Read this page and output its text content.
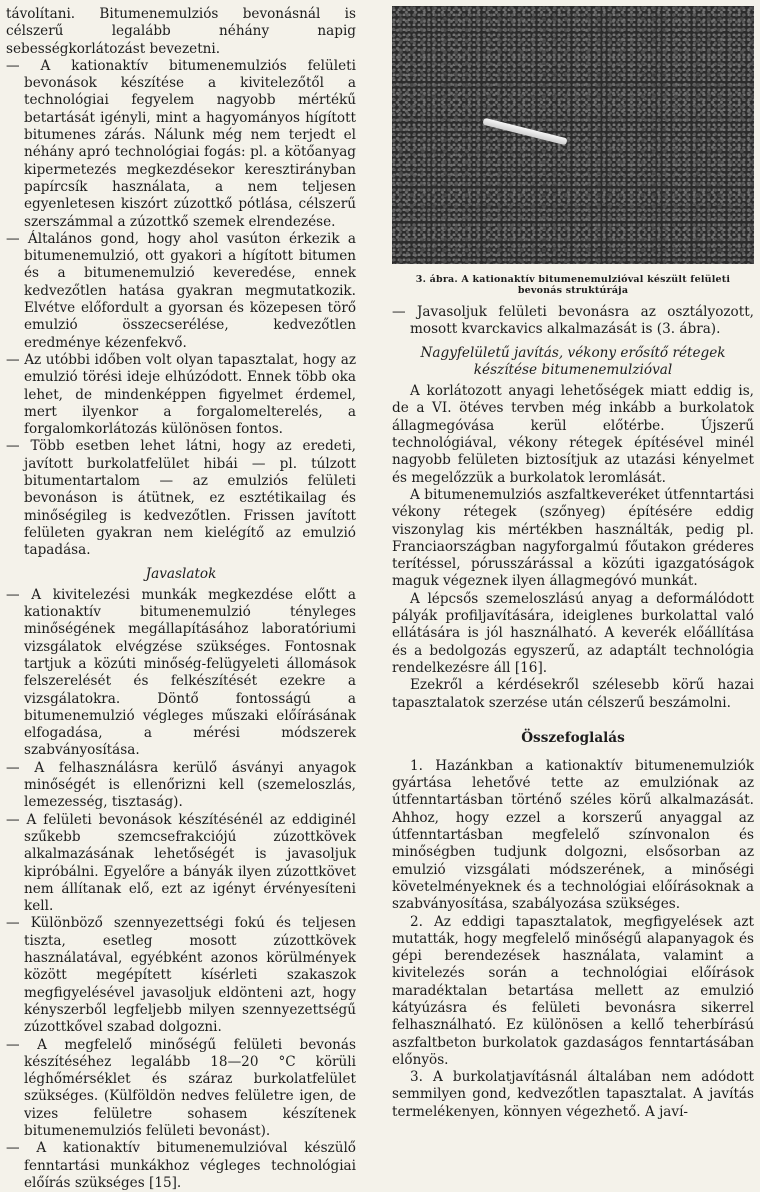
távolítani. Bitumenemulziós bevonásnál is célszerű legalább néhány napig sebességkorlátozást bevezetni.

— A kationaktív bitumenemulziós felületi bevonások készítése a kivitelezőtől a technológiai fegyelem nagyobb mértékű betartását igényli, mint a hagyományos hígított bitumenes zárás. Nálunk még nem terjedt el néhány apró technológiai fogás: pl. a kötőanyag kipermetezés megkezdésekor keresztirányban papírcsík használata, a nem teljesen egyenletesen kiszórt zúzottkő pótlása, célszerű szerszámmal a zúzottkő szemek elrendezése.

— Általános gond, hogy ahol vasúton érkezik a bitumenemulzió, ott gyakori a hígított bitumen és a bitumenemulzió keveredése, ennek kedvezőtlen hatása gyakran megmutatkozik. Elvétve előfordult a gyorsan és közepesen törő emulzió összecserélése, kedvezőtlen eredménye kézenfekvő.

— Az utóbbi időben volt olyan tapasztalat, hogy az emulzió törési ideje elhúzódott. Ennek több oka lehet, de mindenképpen figyelmet érdemel, mert ilyenkor a forgalomelterelés, a forgalomkorlátozás különösen fontos.

— Több esetben lehet látni, hogy az eredeti, javított burkolatfelület hibái — pl. túlzott bitumentartalom — az emulziós felületi bevonáson is átütnek, ez esztétikailag és minőségileg is kedvezőtlen. Frissen javított felületen gyakran nem kielégítő az emulzió tapadása.

Javaslatok

— A kivitelezési munkák megkezdése előtt a kationaktív bitumenemulzió tényleges minőségének megállapításához laboratóriumi vizsgálatok elvégzése szükséges. Fontosnak tartjuk a közúti minőség-felügyeleti állomások felszerelését és felkészítését ezekre a vizsgálatokra. Döntő fontosságú a bitumenemulzió végleges műszaki előírásának elfogadása, a mérési módszerek szabványosítása.

— A felhasználásra kerülő ásványi anyagok minőségét is ellenőrizni kell (szemeloszlás, lemezesség, tisztaság).

— A felületi bevonások készítésénél az eddiginél szűkebb szemcsefrakciójú zúzottkövek alkalmazásának lehetőségét is javasoljuk kipróbálni. Egyelőre a bányák ilyen zúzottkövet nem állítanak elő, ezt az igényt érvényesíteni kell.

— Különböző szennyezettségi fokú és teljesen tiszta, esetleg mosott zúzottkövek használatával, egyébként azonos körülmények között megépített kísérleti szakaszok megfigyelésével javasoljuk eldönteni azt, hogy kényszerből legfeljebb milyen szennyezettségű zúzottkővel szabad dolgozni.

— A megfelelő minőségű felületi bevonás készítéséhez legalább 18—20 °C körüli léghőmérséklet és száraz burkolatfelület szükséges. (Külföldön nedves felületre igen, de vizes felületre sohasem készítenek bitumenemulziós felületi bevonást).

— A kationaktív bitumenemulzióval készülő fenntartási munkákhoz végleges technológiai előírás szükséges [15].

3. ábra. A kationaktív bitumenemulzióval készült felületi bevonás struktúrája

— Javasoljuk felületi bevonásra az osztályozott, mosott kvarckavics alkalmazását is (3. ábra).

Nagyfelületű javítás, vékony erősítő rétegek készítése bitumenemulzióval

A korlátozott anyagi lehetőségek miatt eddig is, de a VI. ötéves tervben még inkább a burkolatok állagmegóvása kerül előtérbe. Újszerű technológiával, vékony rétegek építésével minél nagyobb felületen biztosítjuk az utazási kényelmet és megelőzzük a burkolatok leromlását.

A bitumenemulziós aszfaltkeveréket útfenntartási vékony rétegek (szőnyeg) építésére eddig viszonylag kis mértékben használták, pedig pl. Franciaországban nagyforgalmú főutakon gréderes terítéssel, pórusszárással a közúti igazgatóságok maguk végeznek ilyen állagmegóvó munkát.

A lépcsős szemeloszlású anyag a deformálódott pályák profiljavítására, ideiglenes burkolattal való ellátására is jól használható. A keverék előállítása és a bedolgozás egyszerű, az adaptált technológia rendelkezésre áll [16].

Ezekről a kérdésekről szélesebb körű hazai tapasztalatok szerzése után célszerű beszámolni.

Összefoglalás

1. Hazánkban a kationaktív bitumenemulziók gyártása lehetővé tette az emulziónak az útfenntartásban történő széles körű alkalmazását. Ahhoz, hogy ezzel a korszerű anyaggal az útfenntartásban megfelelő színvonalon és minőségben tudjunk dolgozni, elsősorban az emulzió vizsgálati módszerének, a minőségi követelményeknek és a technológiai előírásoknak a szabványosítása, szabályozása szükséges.

2. Az eddigi tapasztalatok, megfigyelések azt mutatták, hogy megfelelő minőségű alapanyagok és gépi berendezések használata, valamint a kivitelezés során a technológiai előírások maradéktalan betartása mellett az emulzió kátyúzásra és felületi bevonásra sikerrel felhasználható. Ez különösen a kellő teherbírású aszfaltbeton burkolatok gazdaságos fenntartásában előnyös.

3. A burkolatjavításnál általában nem adódott semmilyen gond, kedvezőtlen tapasztalat. A javítás termelékenyen, könnyen végezhető. A javí-
